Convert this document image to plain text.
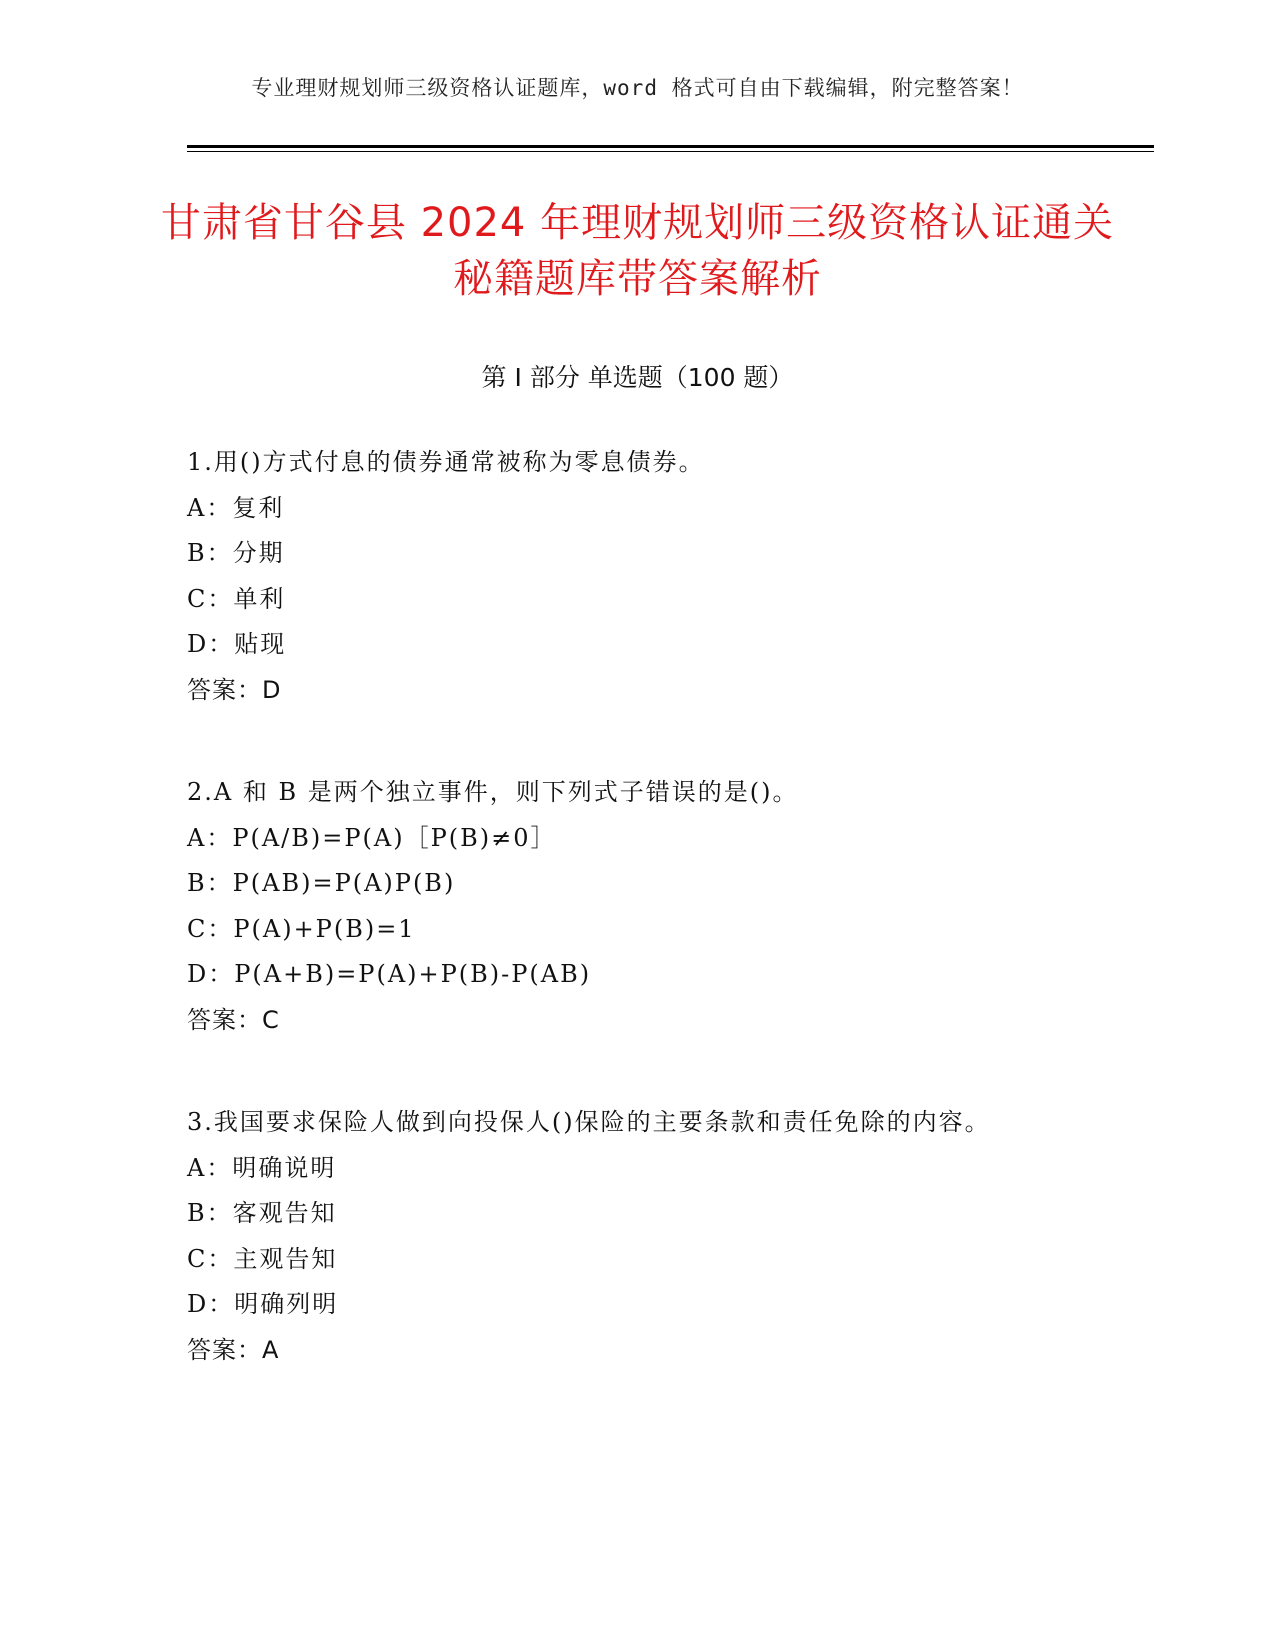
专业理财规划师三级资格认证题库，word 格式可自由下载编辑，附完整答案！
甘肃省甘谷县 2024 年理财规划师三级资格认证通关秘籍题库带答案解析
第 I 部分 单选题（100 题）
1.用()方式付息的债券通常被称为零息债券。
A：复利
B：分期
C：单利
D：贴现
答案：D
2.A 和 B 是两个独立事件，则下列式子错误的是()。
A：P(A/B)=P(A)［P(B)≠0］
B：P(AB)=P(A)P(B)
C：P(A)+P(B)=1
D：P(A+B)=P(A)+P(B)-P(AB)
答案：C
3.我国要求保险人做到向投保人()保险的主要条款和责任免除的内容。
A：明确说明
B：客观告知
C：主观告知
D：明确列明
答案：A
